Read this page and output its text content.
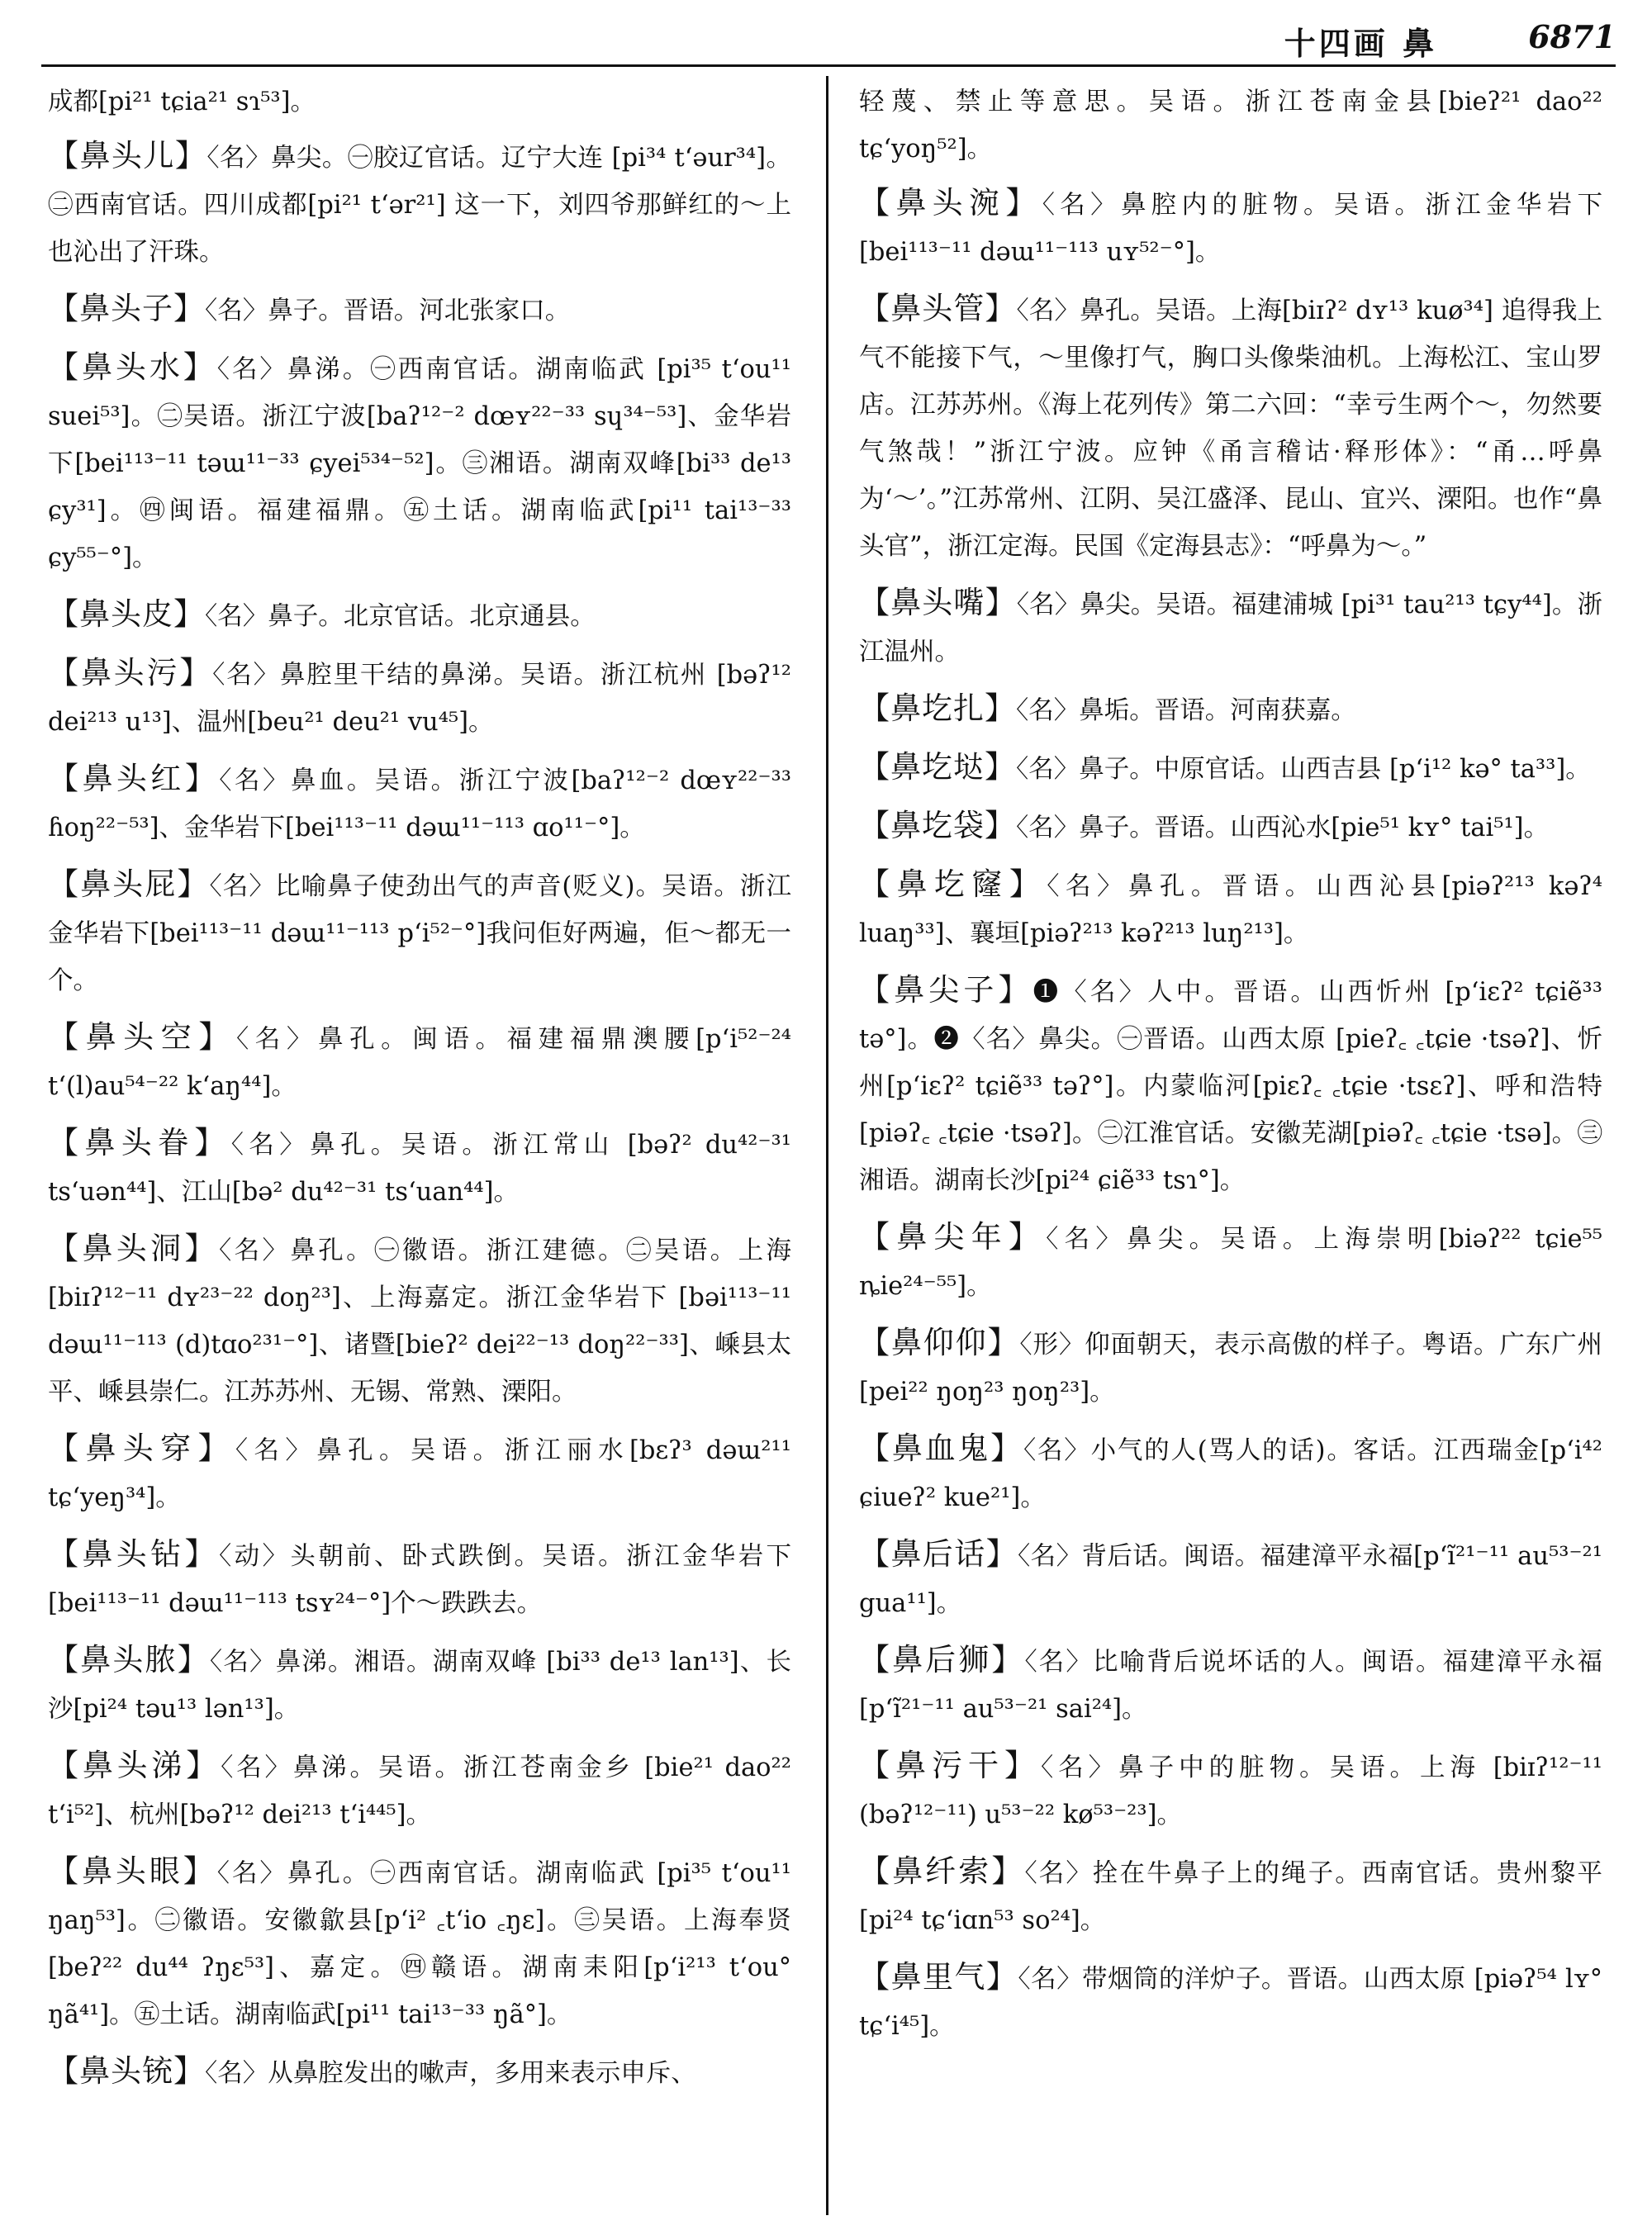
十四画 鼻	6871
成都[pi²¹ tɕia²¹ sɿ⁵³]。
【鼻头儿】〈名〉鼻尖。㊀胶辽官话。辽宁大连 [pi³⁴ t‘əur³⁴]。㊁西南官话。四川成都[pi²¹ t‘ər²¹] 这一下，刘四爷那鲜红的～上也沁出了汗珠。
【鼻头子】〈名〉鼻子。晋语。河北张家口。
【鼻头水】〈名〉鼻涕。㊀西南官话。湖南临武 [pi³⁵ t‘ou¹¹ suei⁵³]。㊁吴语。浙江宁波[baʔ¹²⁻² dœʏ²²⁻³³ sɥ³⁴⁻⁵³]、金华岩下[bei¹¹³⁻¹¹ təɯ¹¹⁻³³ ɕyei⁵³⁴⁻⁵²]。㊂湘语。湖南双峰[bi³³ de¹³ ɕy³¹]。㊃闽语。福建福鼎。㊄土话。湖南临武[pi¹¹ tai¹³⁻³³ ɕy⁵⁵⁻°]。
【鼻头皮】〈名〉鼻子。北京官话。北京通县。
【鼻头污】〈名〉鼻腔里干结的鼻涕。吴语。浙江杭州 [bəʔ¹² dei²¹³ u¹³]、温州[beu²¹ deu²¹ vu⁴⁵]。
【鼻头红】〈名〉鼻血。吴语。浙江宁波[baʔ¹²⁻² dœʏ²²⁻³³ ɦoŋ²²⁻⁵³]、金华岩下[bei¹¹³⁻¹¹ dəɯ¹¹⁻¹¹³ ɑo¹¹⁻°]。
【鼻头屁】〈名〉比喻鼻子使劲出气的声音(贬义)。吴语。浙江金华岩下[bei¹¹³⁻¹¹ dəɯ¹¹⁻¹¹³ p‘i⁵²⁻°]我问佢好两遍，佢～都无一个。
【鼻头空】〈名〉鼻孔。闽语。福建福鼎澳腰[p‘i⁵²⁻²⁴ t‘(l)au⁵⁴⁻²² k‘aŋ⁴⁴]。
【鼻头眷】〈名〉鼻孔。吴语。浙江常山 [bəʔ² du⁴²⁻³¹ ts‘uən⁴⁴]、江山[bə² du⁴²⁻³¹ ts‘uan⁴⁴]。
【鼻头洞】〈名〉鼻孔。㊀徽语。浙江建德。㊁吴语。上海 [biɪʔ¹²⁻¹¹ dʏ²³⁻²² doŋ²³]、上海嘉定。浙江金华岩下 [bəi¹¹³⁻¹¹ dəɯ¹¹⁻¹¹³ (d)tɑo²³¹⁻°]、诸暨[bieʔ² dei²²⁻¹³ doŋ²²⁻³³]、嵊县太平、嵊县崇仁。江苏苏州、无锡、常熟、溧阳。
【鼻头穿】〈名〉鼻孔。吴语。浙江丽水[bɛʔ³ dəɯ²¹¹ tɕ‘yeŋ³⁴]。
【鼻头钻】〈动〉头朝前、卧式跌倒。吴语。浙江金华岩下[bei¹¹³⁻¹¹ dəɯ¹¹⁻¹¹³ tsʏ²⁴⁻°]个～跌跌去。
【鼻头脓】〈名〉鼻涕。湘语。湖南双峰 [bi³³ de¹³ lan¹³]、长沙[pi²⁴ təu¹³ lən¹³]。
【鼻头涕】〈名〉鼻涕。吴语。浙江苍南金乡 [bie²¹ dao²² t‘i⁵²]、杭州[bəʔ¹² dei²¹³ t‘i⁴⁴⁵]。
【鼻头眼】〈名〉鼻孔。㊀西南官话。湖南临武 [pi³⁵ t‘ou¹¹ ŋaŋ⁵³]。㊁徽语。安徽歙县[p‘i² ꜀t‘io ꜀ŋɛ]。㊂吴语。上海奉贤[beʔ²² du⁴⁴ ʔŋɛ⁵³]、嘉定。㊃赣语。湖南耒阳[p‘i²¹³ t‘ou° ŋã⁴¹]。㊄土话。湖南临武[pi¹¹ tai¹³⁻³³ ŋã°]。
【鼻头铳】〈名〉从鼻腔发出的嗽声，多用来表示申斥、
轻蔑、禁止等意思。吴语。浙江苍南金县[bieʔ²¹ dao²² tɕ‘yoŋ⁵²]。
【鼻头涴】〈名〉鼻腔内的脏物。吴语。浙江金华岩下 [bei¹¹³⁻¹¹ dəɯ¹¹⁻¹¹³ uʏ⁵²⁻°]。
【鼻头管】〈名〉鼻孔。吴语。上海[biɪʔ² dʏ¹³ kuø³⁴] 追得我上气不能接下气，～里像打气，胸口头像柴油机。上海松江、宝山罗店。江苏苏州。《海上花列传》第二六回：“幸亏生两个～，勿然要气煞哉！”浙江宁波。应钟《甬言稽诂·释形体》：“甬…呼鼻为‘～’。”江苏常州、江阴、吴江盛泽、昆山、宜兴、溧阳。也作“鼻头官”，浙江定海。民国《定海县志》：“呼鼻为～。”
【鼻头嘴】〈名〉鼻尖。吴语。福建浦城 [pi³¹ tau²¹³ tɕy⁴⁴]。浙江温州。
【鼻圪扎】〈名〉鼻垢。晋语。河南获嘉。
【鼻圪垯】〈名〉鼻子。中原官话。山西吉县 [p‘i¹² kə° ta³³]。
【鼻圪袋】〈名〉鼻子。晋语。山西沁水[pie⁵¹ kʏ° tai⁵¹]。
【鼻圪窿】〈名〉鼻孔。晋语。山西沁县[piəʔ²¹³ kəʔ⁴ luaŋ³³]、襄垣[piəʔ²¹³ kəʔ²¹³ luŋ²¹³]。
【鼻尖子】❶〈名〉人中。晋语。山西忻州 [p‘iɛʔ² tɕiẽ³³ tə°]。❷〈名〉鼻尖。㊀晋语。山西太原 [pieʔ꜀ ꜀tɕie ·tsəʔ]、忻州[p‘iɛʔ² tɕiẽ³³ təʔ°]。内蒙临河[piɛʔ꜀ ꜀tɕie ·tsɛʔ]、呼和浩特[piəʔ꜀ ꜀tɕie ·tsəʔ]。㊁江淮官话。安徽芜湖[piəʔ꜀ ꜀tɕie ·tsə]。㊂湘语。湖南长沙[pi²⁴ ɕiẽ³³ tsɿ°]。
【鼻尖年】〈名〉鼻尖。吴语。上海崇明[biəʔ²² tɕie⁵⁵ ȵie²⁴⁻⁵⁵]。
【鼻仰仰】〈形〉仰面朝天，表示高傲的样子。粤语。广东广州[pei²² ŋoŋ²³ ŋoŋ²³]。
【鼻血鬼】〈名〉小气的人(骂人的话)。客话。江西瑞金[p‘i⁴² ɕiueʔ² kue²¹]。
【鼻后话】〈名〉背后话。闽语。福建漳平永福[p‘ĩ²¹⁻¹¹ au⁵³⁻²¹ gua¹¹]。
【鼻后狮】〈名〉比喻背后说坏话的人。闽语。福建漳平永福[p‘ĩ²¹⁻¹¹ au⁵³⁻²¹ sai²⁴]。
【鼻污干】〈名〉鼻子中的脏物。吴语。上海 [biɪʔ¹²⁻¹¹ (bəʔ¹²⁻¹¹) u⁵³⁻²² kø⁵³⁻²³]。
【鼻纤索】〈名〉拴在牛鼻子上的绳子。西南官话。贵州黎平[pi²⁴ tɕ‘iɑn⁵³ so²⁴]。
【鼻里气】〈名〉带烟筒的洋炉子。晋语。山西太原 [piəʔ⁵⁴ lʏ° tɕ‘i⁴⁵]。
